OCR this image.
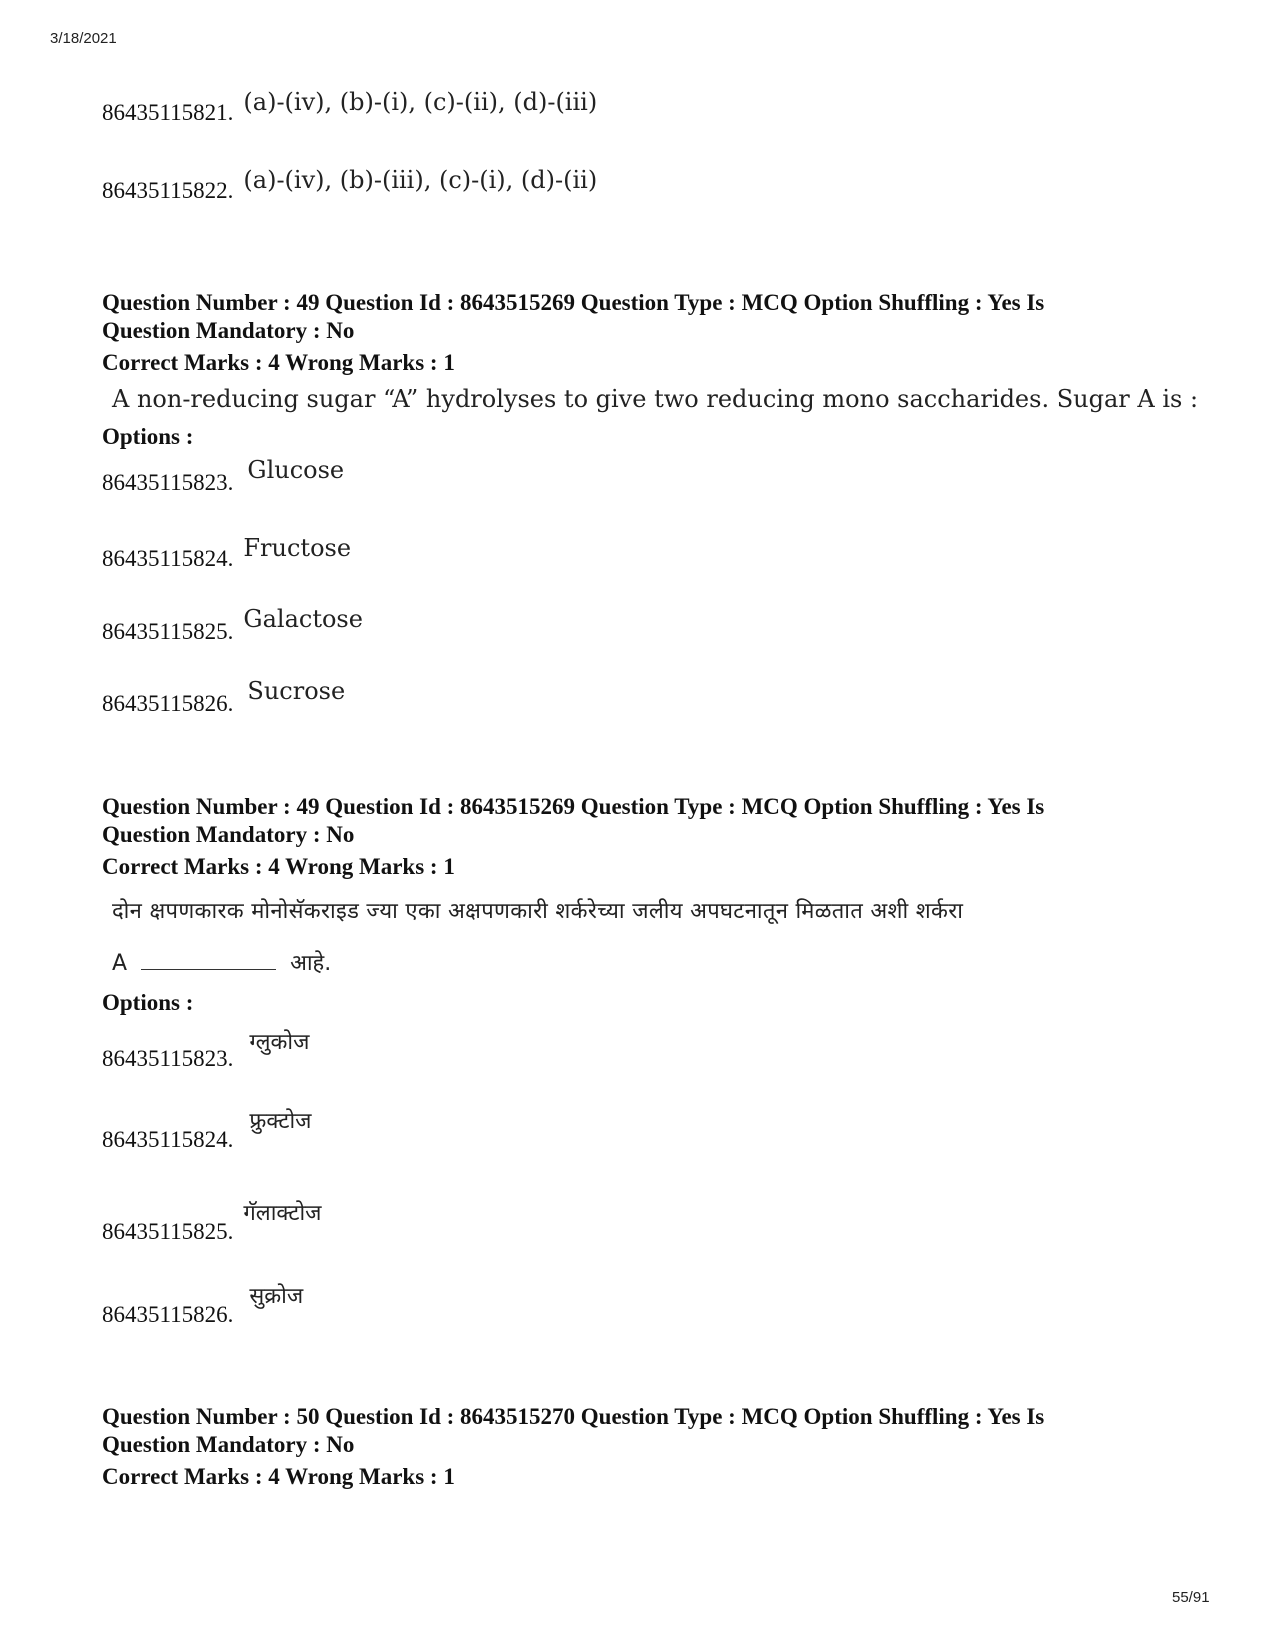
3/18/2021
86435115821. (a)-(iv), (b)-(i), (c)-(ii), (d)-(iii)
86435115822. (a)-(iv), (b)-(iii), (c)-(i), (d)-(ii)
Question Number : 49 Question Id : 8643515269 Question Type : MCQ Option Shuffling : Yes Is
Question Mandatory : No
Correct Marks : 4 Wrong Marks : 1
A non-reducing sugar “A” hydrolyses to give two reducing mono saccharides. Sugar A is :
Options :
86435115823. Glucose
86435115824. Fructose
86435115825. Galactose
86435115826. Sucrose
Question Number : 49 Question Id : 8643515269 Question Type : MCQ Option Shuffling : Yes Is
Question Mandatory : No
Correct Marks : 4 Wrong Marks : 1
दोन क्षपणकारक मोनोसॅकराइड ज्या एका अक्षपणकारी शर्करेच्या जलीय अपघटनातून मिळतात अशी शर्करा
A	आहे.
Options :
86435115823.
ग्लुकोज
86435115824.
फ्रुक्टोज
86435115825.
गॅलाक्टोज
86435115826.
सुक्रोज
Question Number : 50 Question Id : 8643515270 Question Type : MCQ Option Shuffling : Yes Is
Question Mandatory : No
Correct Marks : 4 Wrong Marks : 1
55/91
